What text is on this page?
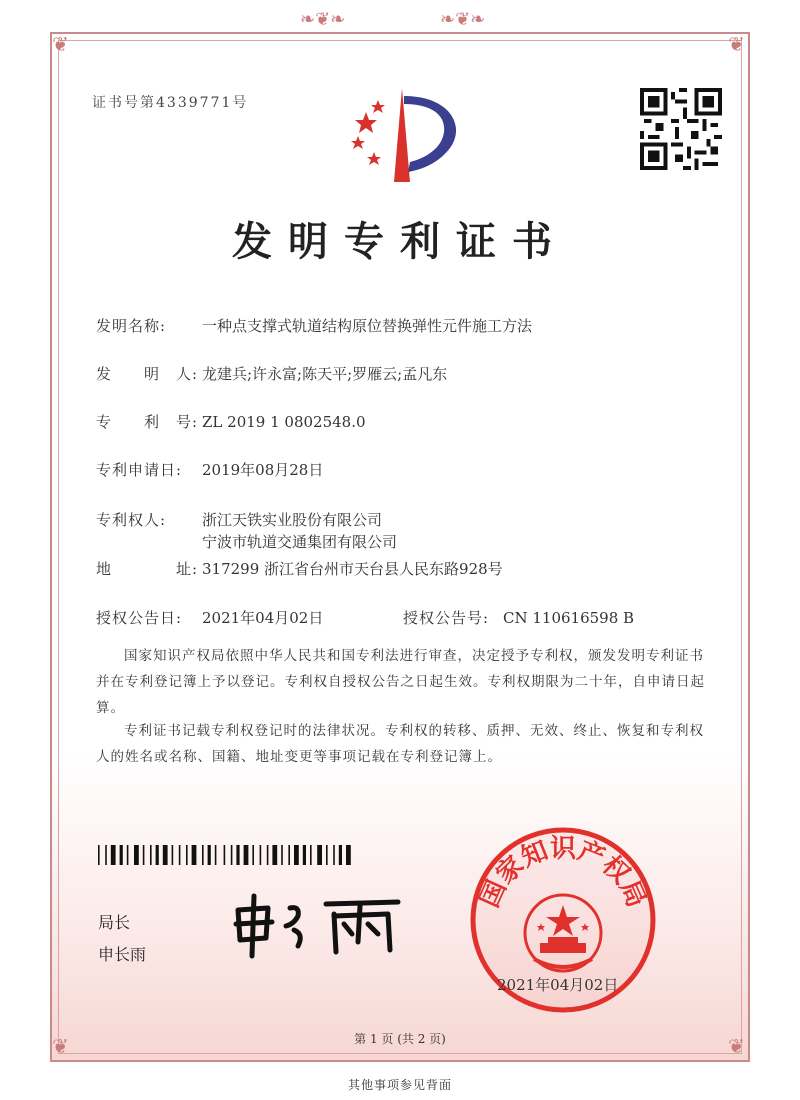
❦	❦
❦	❦
❧❦❧	❧❦❧
证书号第4339771号
发明专利证书
发明名称: 一种点支撑式轨道结构原位替换弹性元件施工方法
发　　明　人: 龙建兵;许永富;陈天平;罗雁云;孟凡东
专　　利　号: ZL 2019 1 0802548.0
专利申请日: 2019年08月28日
专利权人: 浙江天铁实业股份有限公司
宁波市轨道交通集团有限公司
地　　　　址: 317299 浙江省台州市天台县人民东路928号
授权公告日: 2021年04月02日	授权公告号: CN 110616598 B
国家知识产权局依照中华人民共和国专利法进行审查，决定授予专利权，颁发发明专利证书并在专利登记簿上予以登记。专利权自授权公告之日起生效。专利权期限为二十年，自申请日起算。
专利证书记载专利权登记时的法律状况。专利权的转移、质押、无效、终止、恢复和专利权人的姓名或名称、国籍、地址变更等事项记载在专利登记簿上。
局长
申长雨
国家知识产权局
2021年04月02日
第 1 页 (共 2 页)
其他事项参见背面
